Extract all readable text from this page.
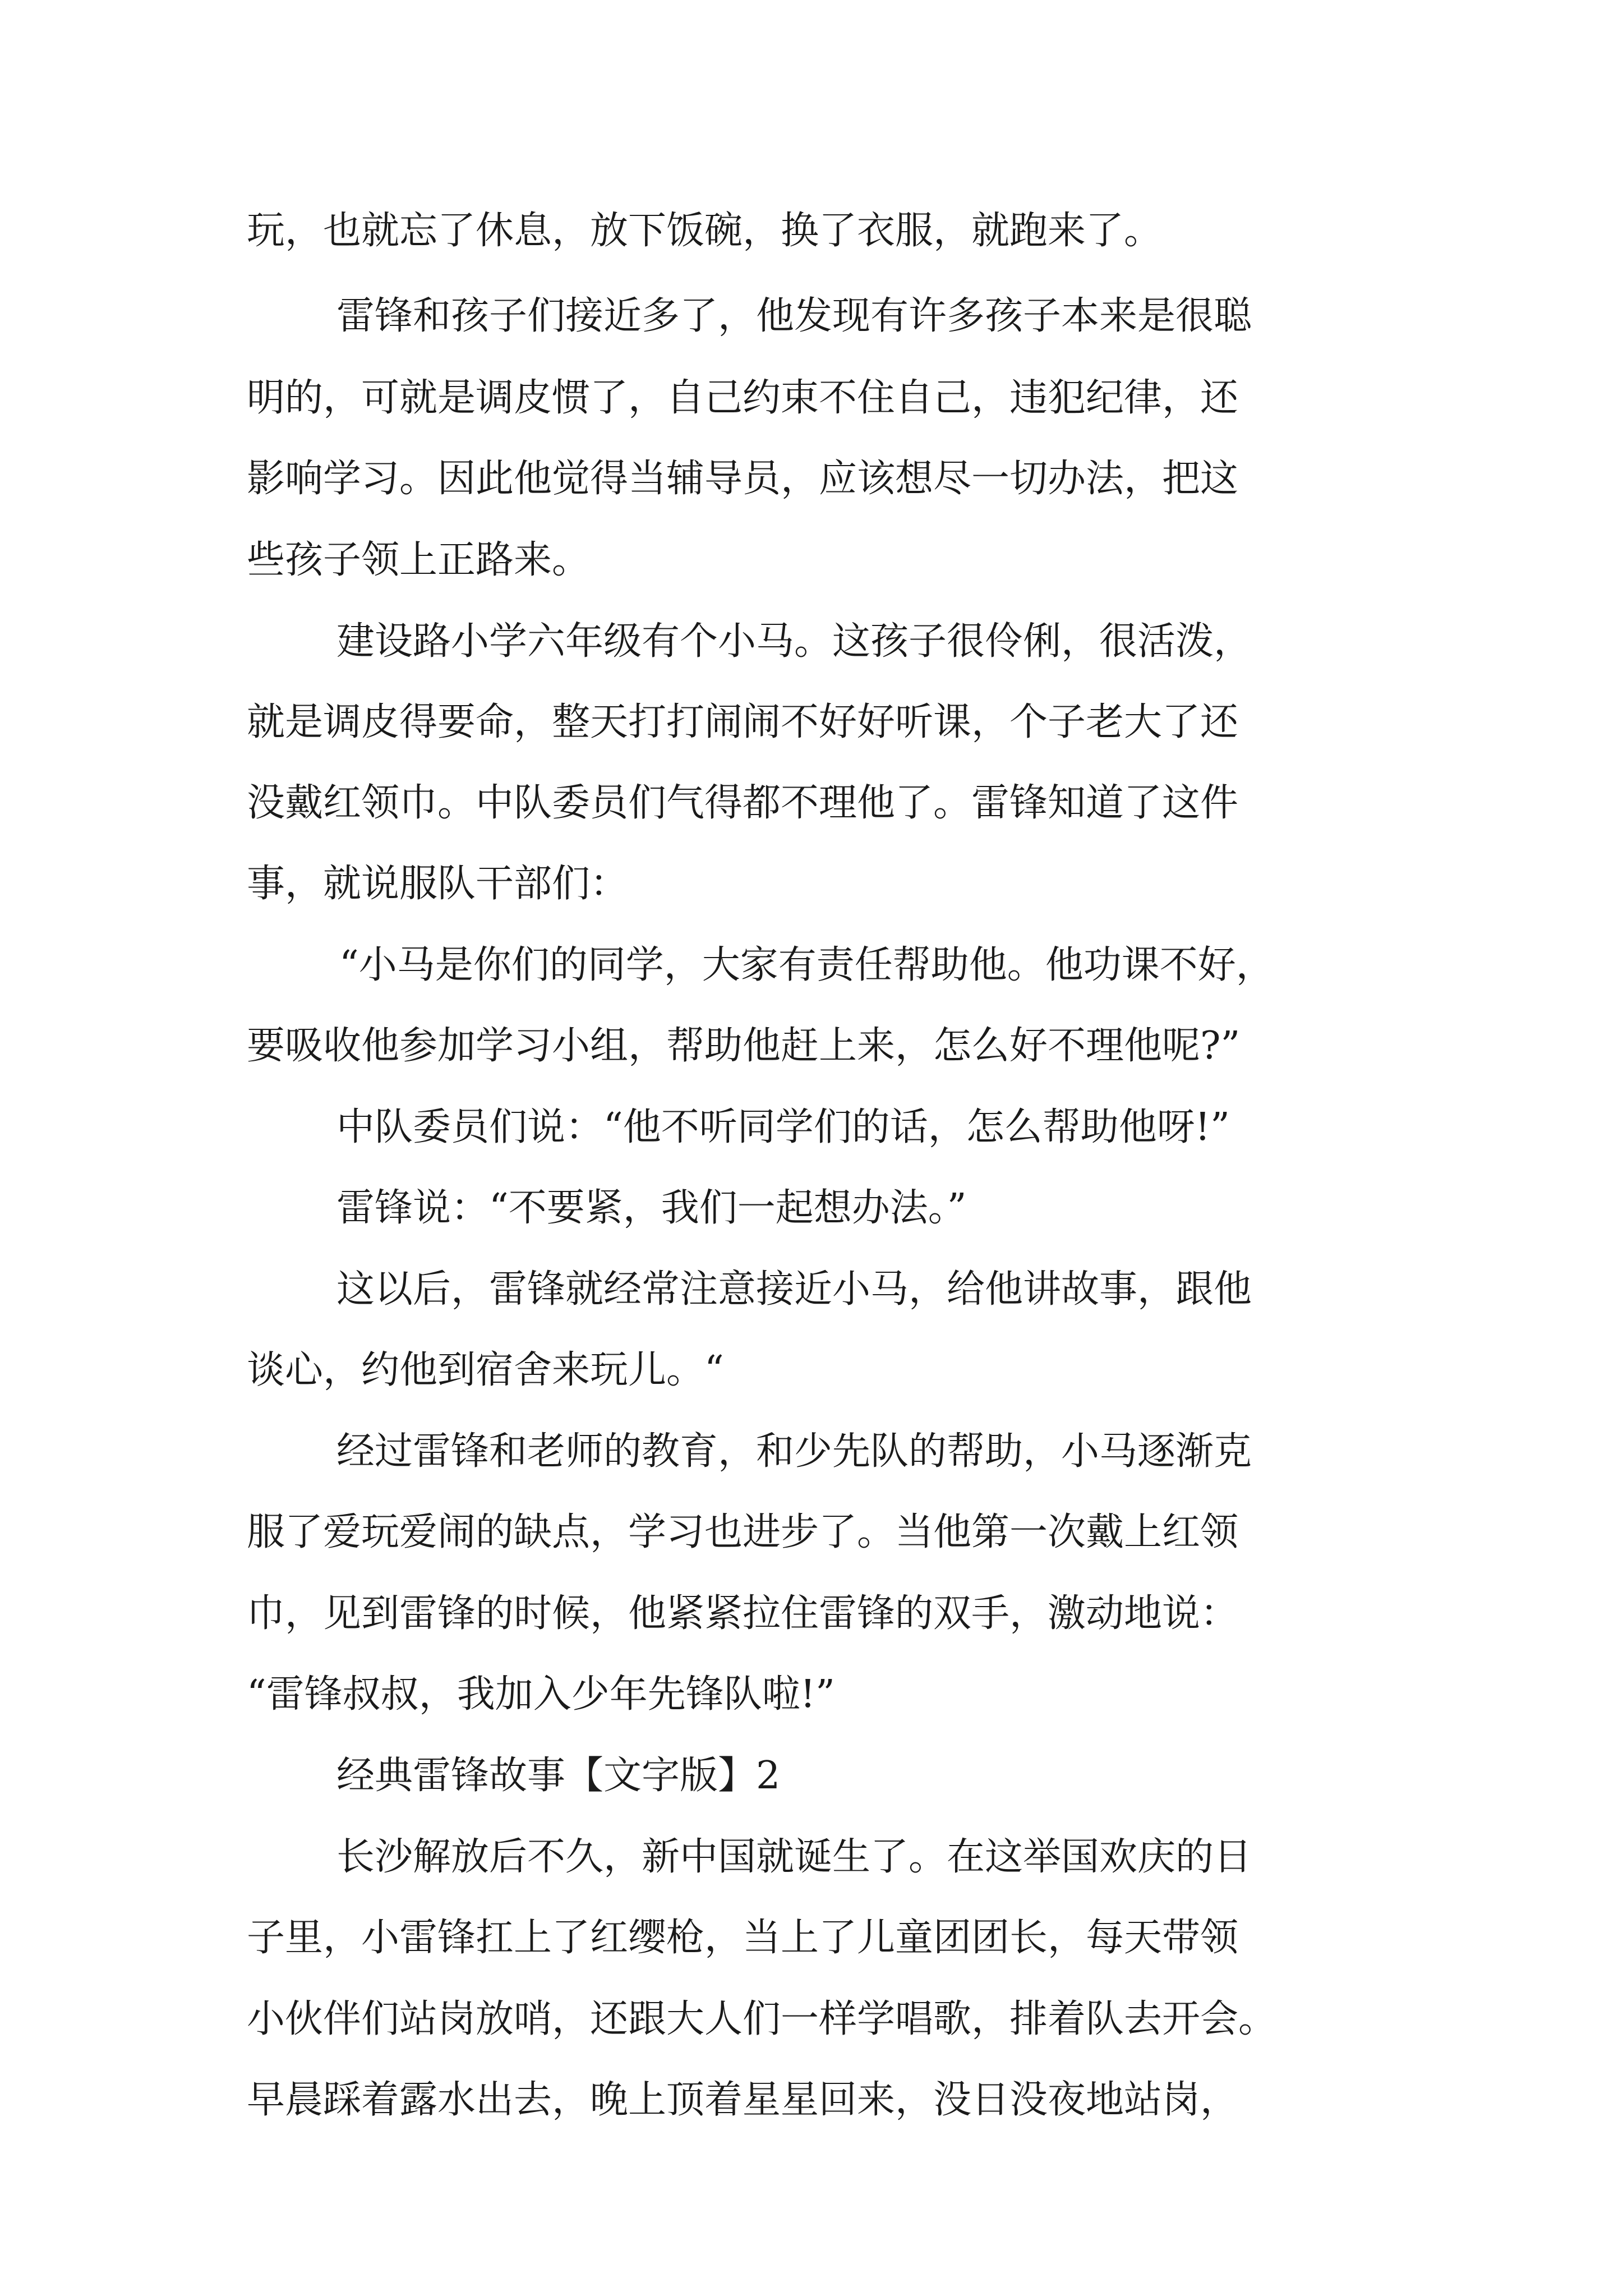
玩，也就忘了休息，放下饭碗，换了衣服，就跑来了。
雷锋和孩子们接近多了，他发现有许多孩子本来是很聪
明的，可就是调皮惯了，自己约束不住自己，违犯纪律，还
影响学习。因此他觉得当辅导员，应该想尽一切办法，把这
些孩子领上正路来。
建设路小学六年级有个小马。这孩子很伶俐，很活泼，
就是调皮得要命，整天打打闹闹不好好听课，个子老大了还
没戴红领巾。中队委员们气得都不理他了。雷锋知道了这件
事，就说服队干部们：
“小马是你们的同学，大家有责任帮助他。他功课不好，
要吸收他参加学习小组，帮助他赶上来，怎么好不理他呢?”
中队委员们说：“他不听同学们的话，怎么帮助他呀!”
雷锋说：“不要紧，我们一起想办法。”
这以后，雷锋就经常注意接近小马，给他讲故事，跟他
谈心，约他到宿舍来玩儿。“
经过雷锋和老师的教育，和少先队的帮助，小马逐渐克
服了爱玩爱闹的缺点，学习也进步了。当他第一次戴上红领
巾，见到雷锋的时候，他紧紧拉住雷锋的双手，激动地说：
“雷锋叔叔，我加入少年先锋队啦!”
经典雷锋故事【文字版】2
长沙解放后不久，新中国就诞生了。在这举国欢庆的日
子里，小雷锋扛上了红缨枪，当上了儿童团团长，每天带领
小伙伴们站岗放哨，还跟大人们一样学唱歌，排着队去开会。
早晨踩着露水出去，晚上顶着星星回来，没日没夜地站岗，
